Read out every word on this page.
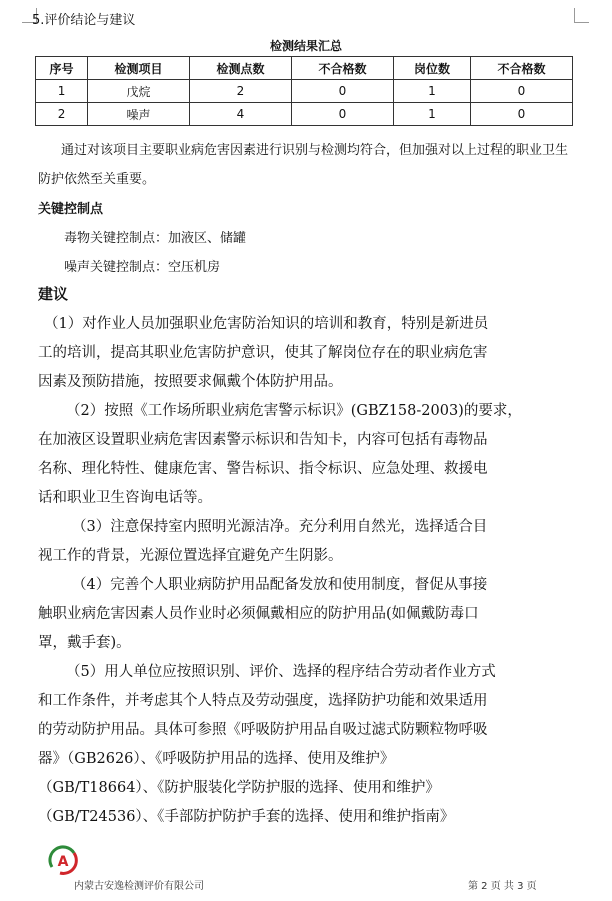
5.评价结论与建议
检测结果汇总
序号	检测项目	检测点数	不合格数	岗位数	不合格数
1	戊烷	2	0	1	0
2	噪声	4	0	1	0
通过对该项目主要职业病危害因素进行识别与检测均符合，但加强对以上过程的职业卫生
防护依然至关重要。
关键控制点
毒物关键控制点：加液区、储罐
噪声关键控制点：空压机房
建议
（1）对作业人员加强职业危害防治知识的培训和教育，特别是新进员
工的培训，提高其职业危害防护意识，使其了解岗位存在的职业病危害
因素及预防措施，按照要求佩戴个体防护用品。
（2）按照《工作场所职业病危害警示标识》(GBZ158-2003)的要求，
在加液区设置职业病危害因素警示标识和告知卡，内容可包括有毒物品
名称、理化特性、健康危害、警告标识、指令标识、应急处理、救援电
话和职业卫生咨询电话等。
（3）注意保持室内照明光源洁净。充分利用自然光，选择适合目
视工作的背景，光源位置选择宜避免产生阴影。
（4）完善个人职业病防护用品配备发放和使用制度，督促从事接
触职业病危害因素人员作业时必须佩戴相应的防护用品(如佩戴防毒口
罩，戴手套)。
（5）用人单位应按照识别、评价、选择的程序结合劳动者作业方式
和工作条件，并考虑其个人特点及劳动强度，选择防护功能和效果适用
的劳动防护用品。具体可参照《呼吸防护用品自吸过滤式防颗粒物呼吸
器》（GB2626）、《呼吸防护用品的选择、使用及维护》
（GB/T18664）、《防护服装化学防护服的选择、使用和维护》
（GB/T24536）、《手部防护防护手套的选择、使用和维护指南》
A
内蒙古安逸检测评价有限公司	第 2 页 共 3 页
